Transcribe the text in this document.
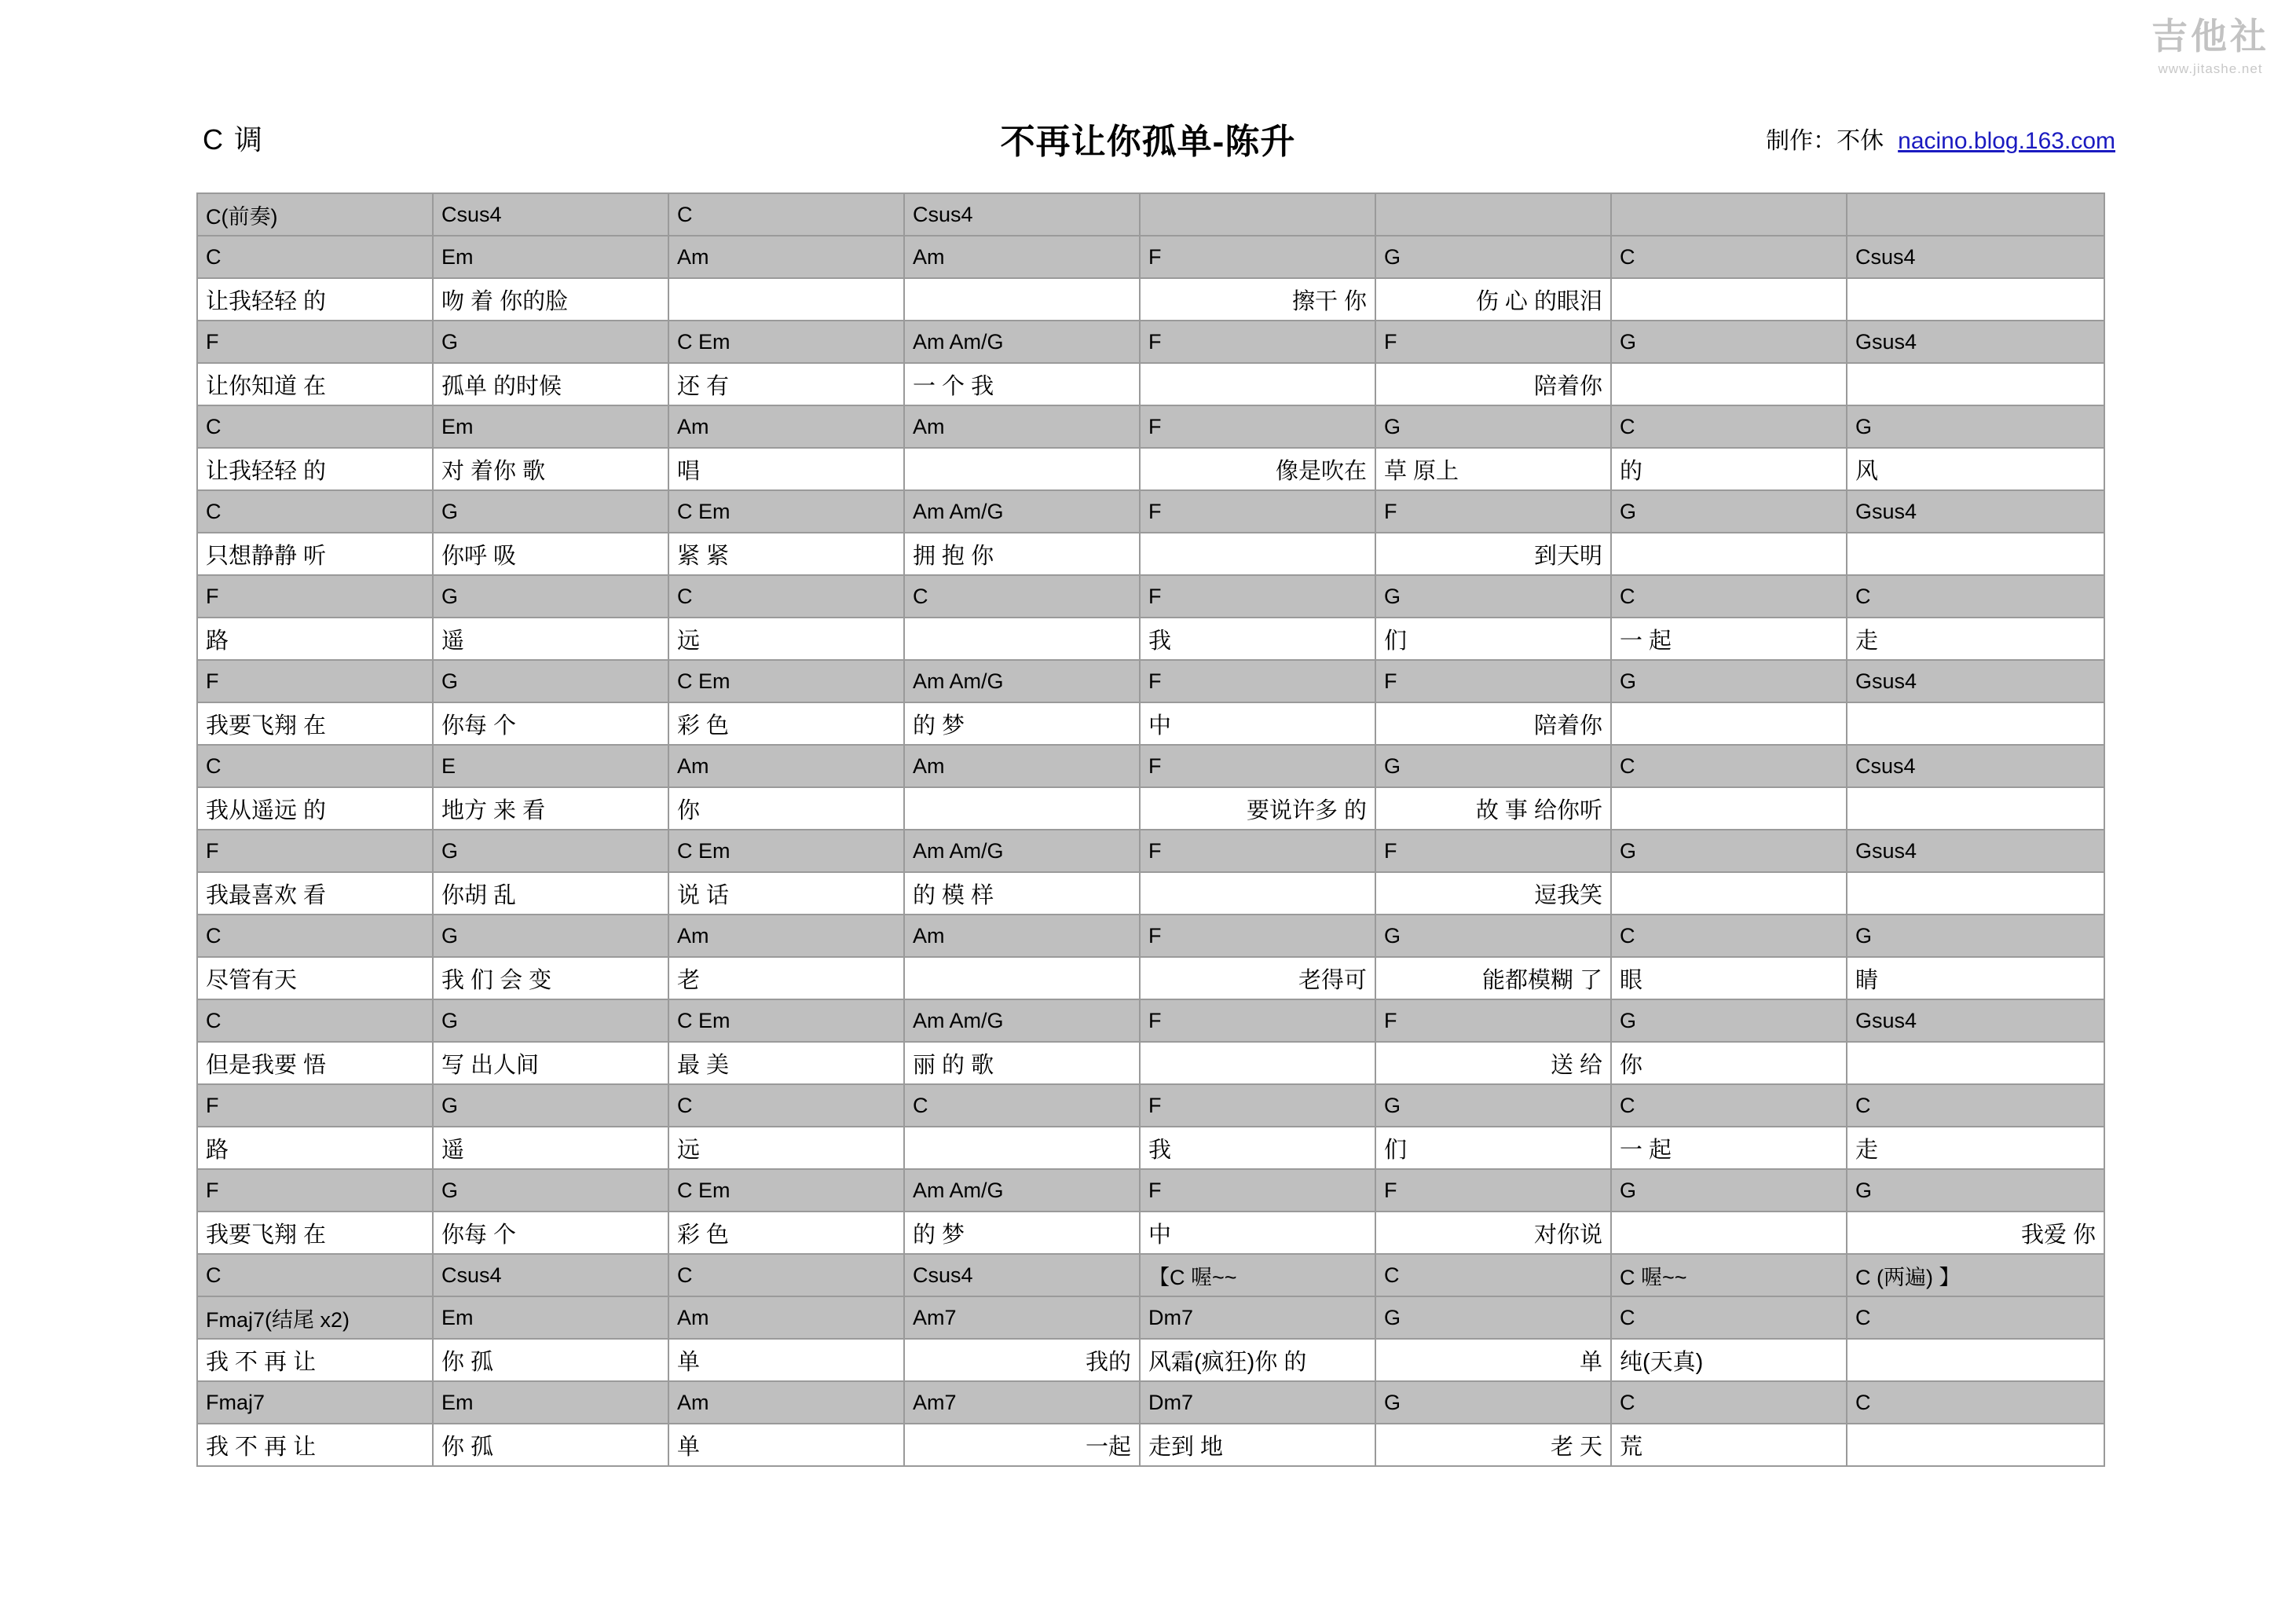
吉他社
www.jitashe.net
C 调	不再让你孤单-陈升	制作：不休 nacino.blog.163.com
C(前奏)	Csus4	C	Csus4				
C	Em	Am	Am	F	G	C	Csus4
让我轻轻 的	吻 着 你的脸			擦干 你	伤 心 的眼泪		
F	G	C Em	Am Am/G	F	F	G	Gsus4
让你知道 在	孤单 的时候	还 有	一 个 我		陪着你		
C	Em	Am	Am	F	G	C	G
让我轻轻 的	对 着你 歌	唱		像是吹在	草 原上	的	风
C	G	C Em	Am Am/G	F	F	G	Gsus4
只想静静 听	你呼 吸	紧 紧	拥 抱 你		到天明		
F	G	C	C	F	G	C	C
路	遥	远		我	们	一 起	走
F	G	C Em	Am Am/G	F	F	G	Gsus4
我要飞翔 在	你每 个	彩 色	的 梦	中	陪着你		
C	E	Am	Am	F	G	C	Csus4
我从遥远 的	地方 来 看	你		要说许多 的	故 事 给你听		
F	G	C Em	Am Am/G	F	F	G	Gsus4
我最喜欢 看	你胡 乱	说 话	的 模 样		逗我笑		
C	G	Am	Am	F	G	C	G
尽管有天	我 们 会 变	老		老得可	能都模糊 了	眼	睛
C	G	C Em	Am Am/G	F	F	G	Gsus4
但是我要 悟	写 出人间	最 美	丽 的 歌		送 给	你	
F	G	C	C	F	G	C	C
路	遥	远		我	们	一 起	走
F	G	C Em	Am Am/G	F	F	G	G
我要飞翔 在	你每 个	彩 色	的 梦	中	对你说		我爱 你
C	Csus4	C	Csus4	【C 喔~~	C	C 喔~~	C (两遍) 】
Fmaj7(结尾 x2)	Em	Am	Am7	Dm7	G	C	C
我 不 再 让	你 孤	单	我的	风霜(疯狂)你 的	单	纯(天真)	
Fmaj7	Em	Am	Am7	Dm7	G	C	C
我 不 再 让	你 孤	单	一起	走到 地	老 天	荒	
